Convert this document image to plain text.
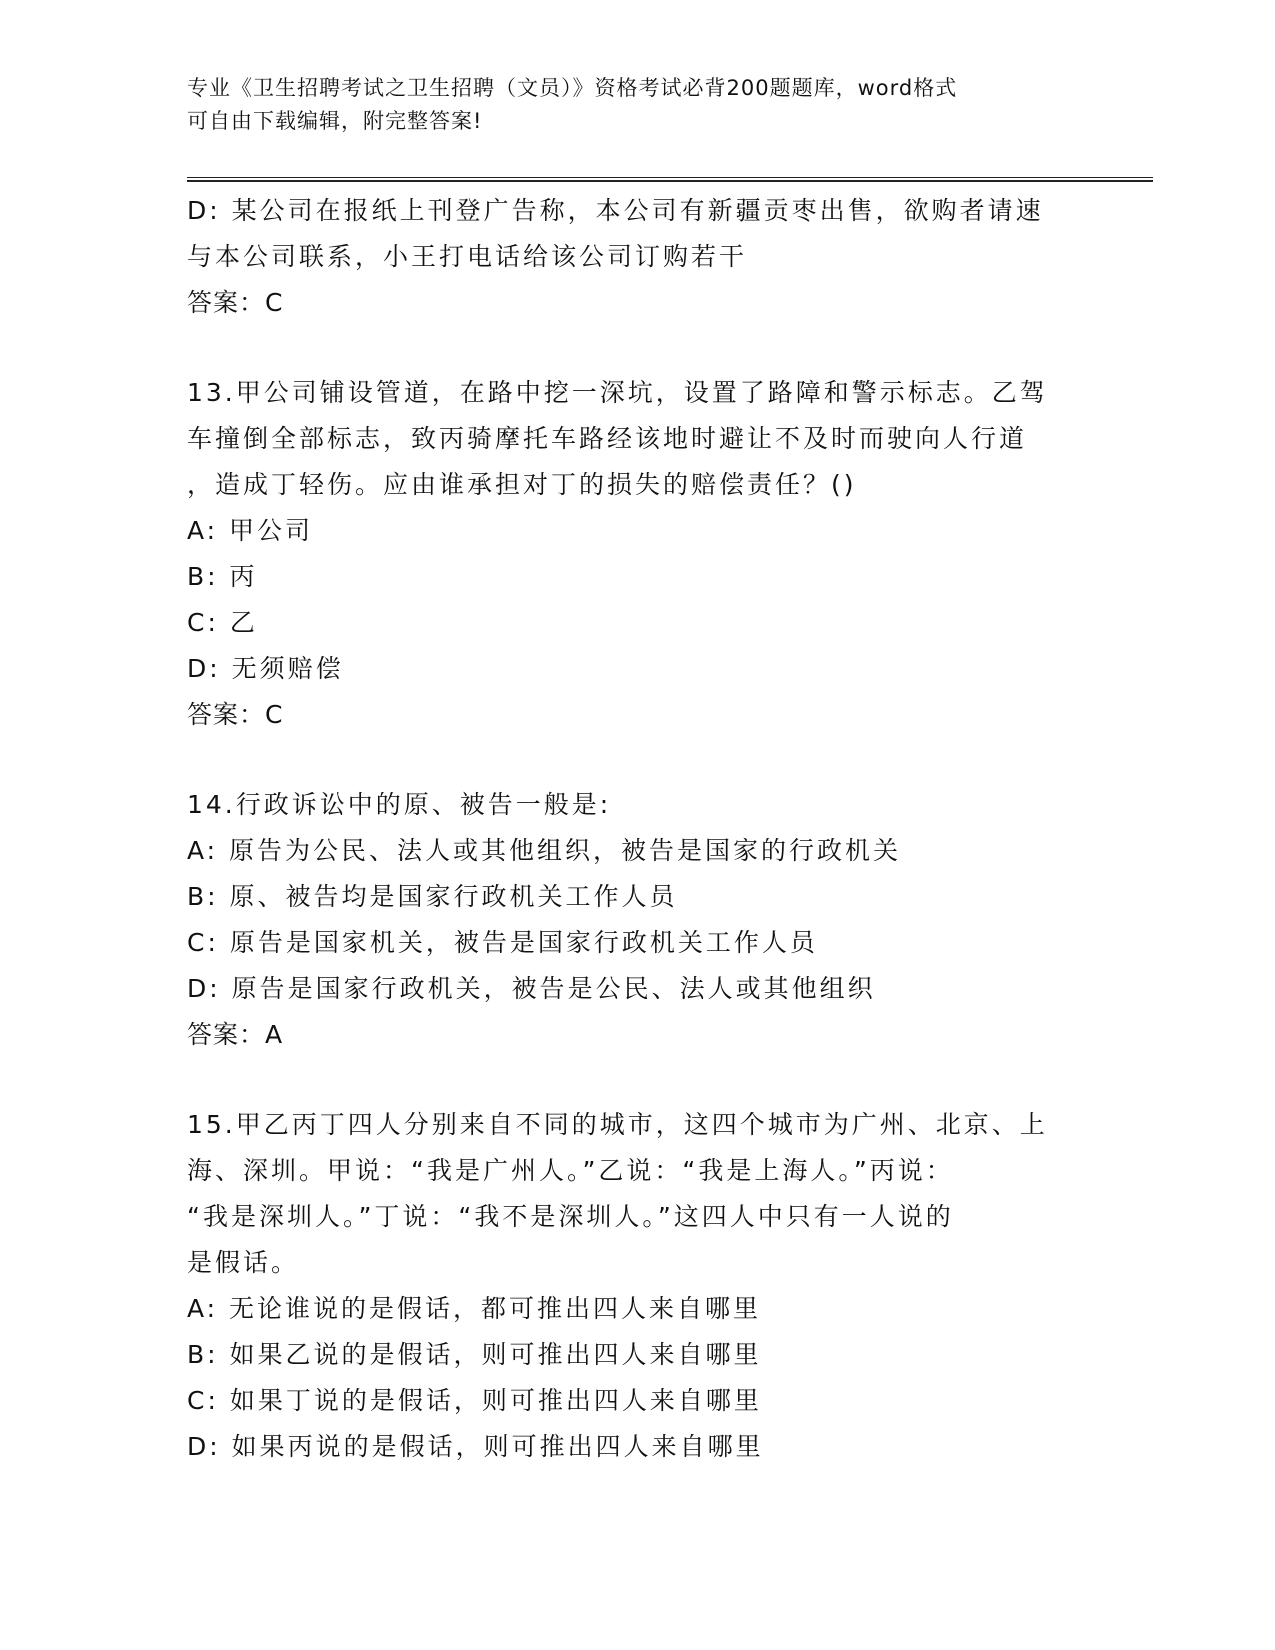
专业《卫生招聘考试之卫生招聘（文员）》资格考试必背200题题库，word格式
可自由下载编辑，附完整答案!

D: 某公司在报纸上刊登广告称，本公司有新疆贡枣出售，欲购者请速

与本公司联系，小王打电话给该公司订购若干

答案：C

13.甲公司铺设管道，在路中挖一深坑，设置了路障和警示标志。乙驾

车撞倒全部标志，致丙骑摩托车路经该地时避让不及时而驶向人行道

，造成丁轻伤。应由谁承担对丁的损失的赔偿责任？()

A: 甲公司

B: 丙

C: 乙

D: 无须赔偿

答案：C

14.行政诉讼中的原、被告一般是:

A: 原告为公民、法人或其他组织，被告是国家的行政机关

B: 原、被告均是国家行政机关工作人员

C: 原告是国家机关，被告是国家行政机关工作人员

D: 原告是国家行政机关，被告是公民、法人或其他组织

答案：A

15.甲乙丙丁四人分别来自不同的城市，这四个城市为广州、北京、上

海、深圳。甲说：“我是广州人。”乙说：“我是上海人。”丙说：

“我是深圳人。”丁说：“我不是深圳人。”这四人中只有一人说的

是假话。

A: 无论谁说的是假话，都可推出四人来自哪里

B: 如果乙说的是假话，则可推出四人来自哪里

C: 如果丁说的是假话，则可推出四人来自哪里

D: 如果丙说的是假话，则可推出四人来自哪里
